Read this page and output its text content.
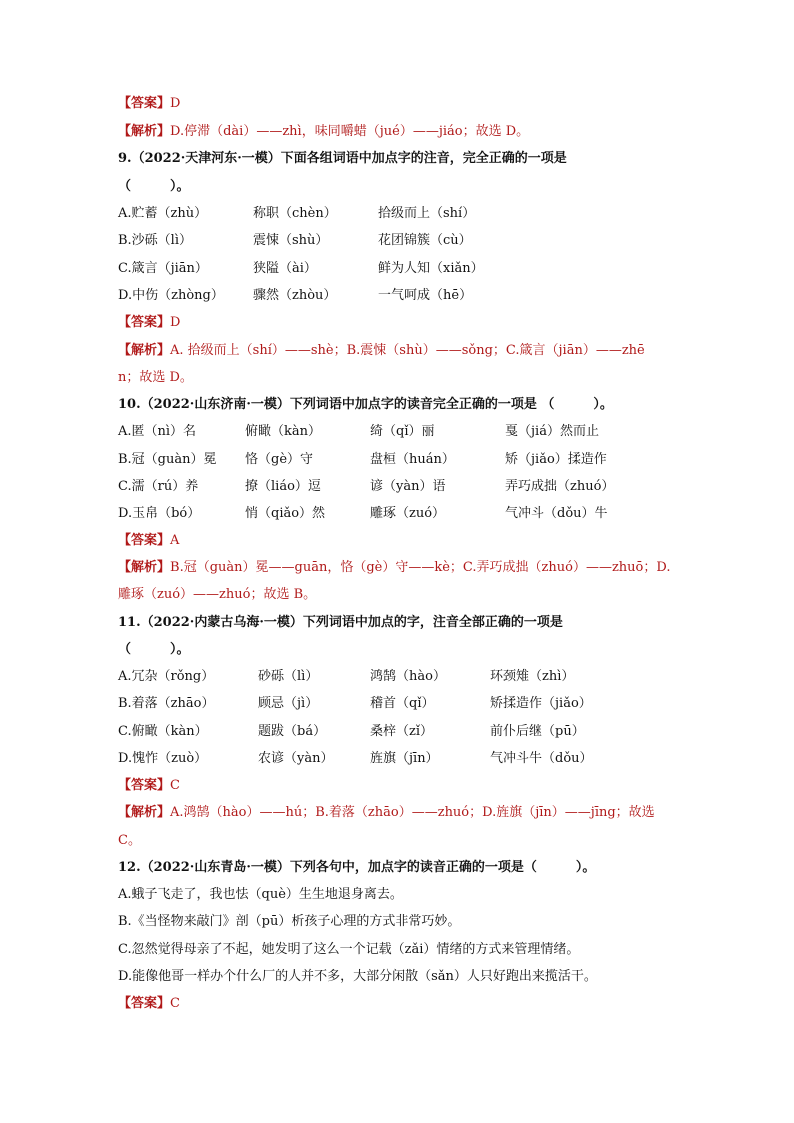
【答案】D
【解析】D.停滞（dài）——zhì，味同嚼蜡（jué）——jiáo；故选 D。
9.（2022·天津河东·一模）下面各组词语中加点字的注音，完全正确的一项是
（　　　）。
A.贮蓄（zhù）	称职（chèn）	拾级而上（shí）
B.沙砾（lì）	震悚（shù）	花团锦簇（cù）
C.箴言（jiān）	狭隘（ài）	鲜为人知（xiǎn）
D.中伤（zhòng） 骤然（zhòu）	一气呵成（hē）
【答案】D
【解析】A. 拾级而上（shí）——shè；B.震悚（shù）——sǒng；C.箴言（jiān）——zhē
n；故选 D。
10.（2022·山东济南·一模）下列词语中加点字的读音完全正确的一项是 （　　　）。
A.匿（nì）名	俯瞰（kàn）	绮（qǐ）丽	戛（jiá）然而止
B.冠（guàn）冕 恪（gè）守	盘桓（huán）	矫（jiǎo）揉造作
C.濡（rú）养	撩（liáo）逗	谚（yàn）语	弄巧成拙（zhuó）
D.玉帛（bó）	悄（qiǎo）然	雕琢（zuó）	气冲斗（dǒu）牛
【答案】A
【解析】B.冠（guàn）冕——guān，恪（gè）守——kè；C.弄巧成拙（zhuó）——zhuō；D.
雕琢（zuó）——zhuó；故选 B。
11.（2022·内蒙古乌海·一模）下列词语中加点的字，注音全部正确的一项是
（　　　）。
A.冗杂（rǒng）	砂砾（lì）	鸿鹄（hào）	环颈雉（zhì）
B.着落（zhāo）	顾忌（jì）	稽首（qǐ）	矫揉造作（jiǎo）
C.俯瞰（kàn）	题跋（bá）	桑梓（zǐ）	前仆后继（pū）
D.愧怍（zuò）	农谚（yàn）	旌旗（jīn）	气冲斗牛（dǒu）
【答案】C
【解析】A.鸿鹄（hào）——hú；B.着落（zhāo）——zhuó；D.旌旗（jīn）——jīng；故选
C。
12.（2022·山东青岛·一模）下列各句中，加点字的读音正确的一项是（　　　）。
A.蛾子飞走了，我也怯（què）生生地退身离去。
B.《当怪物来敲门》剖（pū）析孩子心理的方式非常巧妙。
C.忽然觉得母亲了不起，她发明了这么一个记载（zǎi）情绪的方式来管理情绪。
D.能像他哥一样办个什么厂的人并不多，大部分闲散（sǎn）人只好跑出来揽活干。
【答案】C
